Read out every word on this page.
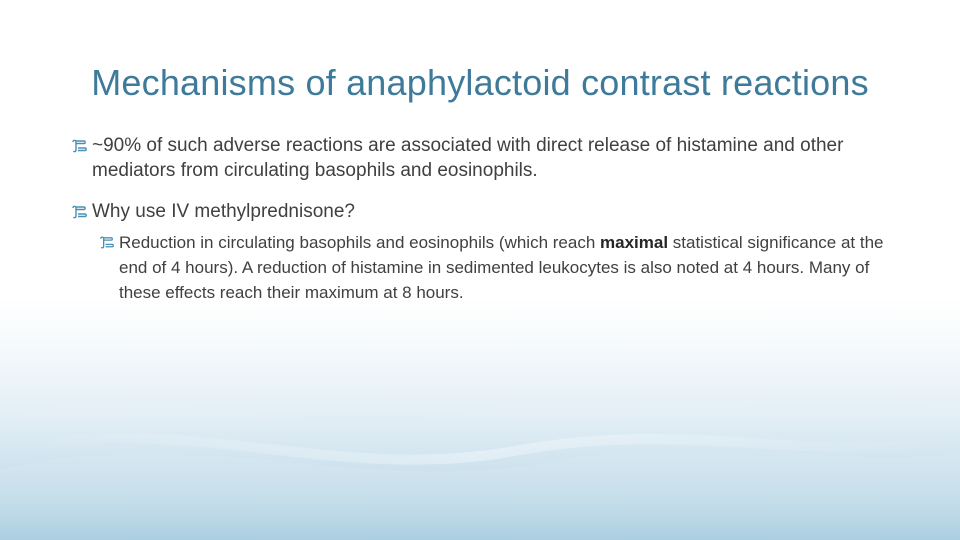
Mechanisms of anaphylactoid contrast reactions
~90% of such adverse reactions are associated with direct release of histamine and other mediators from circulating basophils and eosinophils.
Why use IV methylprednisone?
Reduction in circulating basophils and eosinophils (which reach maximal statistical significance at the end of 4 hours). A reduction of histamine in sedimented leukocytes is also noted at 4 hours. Many of these effects reach their maximum at 8 hours.
